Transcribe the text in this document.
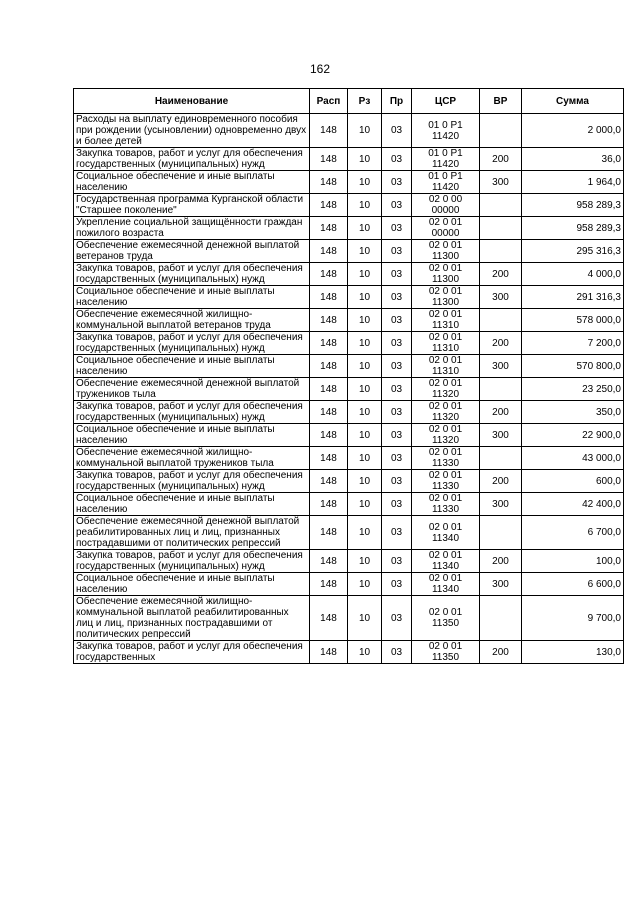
162
Наименование	Расп	Рз	Пр	ЦСР	ВР	Сумма
Расходы на выплату единовременного пособия при рождении (усыновлении) одновременно двух и более детей	148	10	03	01 0 Р1 11420		2 000,0
Закупка товаров, работ и услуг для обеспечения государственных (муниципальных) нужд	148	10	03	01 0 Р1 11420	200	36,0
Социальное обеспечение и иные выплаты населению	148	10	03	01 0 Р1 11420	300	1 964,0
Государственная программа Курганской области "Старшее поколение"	148	10	03	02 0 00 00000		958 289,3
Укрепление социальной защищённости граждан пожилого возраста	148	10	03	02 0 01 00000		958 289,3
Обеспечение ежемесячной денежной выплатой ветеранов труда	148	10	03	02 0 01 11300		295 316,3
Закупка товаров, работ и услуг для обеспечения государственных (муниципальных) нужд	148	10	03	02 0 01 11300	200	4 000,0
Социальное обеспечение и иные выплаты населению	148	10	03	02 0 01 11300	300	291 316,3
Обеспечение ежемесячной жилищно-коммунальной выплатой ветеранов труда	148	10	03	02 0 01 11310		578 000,0
Закупка товаров, работ и услуг для обеспечения государственных (муниципальных) нужд	148	10	03	02 0 01 11310	200	7 200,0
Социальное обеспечение и иные выплаты населению	148	10	03	02 0 01 11310	300	570 800,0
Обеспечение ежемесячной денежной выплатой тружеников тыла	148	10	03	02 0 01 11320		23 250,0
Закупка товаров, работ и услуг для обеспечения государственных (муниципальных) нужд	148	10	03	02 0 01 11320	200	350,0
Социальное обеспечение и иные выплаты населению	148	10	03	02 0 01 11320	300	22 900,0
Обеспечение ежемесячной жилищно-коммунальной выплатой тружеников тыла	148	10	03	02 0 01 11330		43 000,0
Закупка товаров, работ и услуг для обеспечения государственных (муниципальных) нужд	148	10	03	02 0 01 11330	200	600,0
Социальное обеспечение и иные выплаты населению	148	10	03	02 0 01 11330	300	42 400,0
Обеспечение ежемесячной денежной выплатой реабилитированных лиц и лиц, признанных пострадавшими от политических репрессий	148	10	03	02 0 01 11340		6 700,0
Закупка товаров, работ и услуг для обеспечения государственных (муниципальных) нужд	148	10	03	02 0 01 11340	200	100,0
Социальное обеспечение и иные выплаты населению	148	10	03	02 0 01 11340	300	6 600,0
Обеспечение ежемесячной жилищно-коммунальной выплатой реабилитированных лиц и лиц, признанных пострадавшими от политических репрессий	148	10	03	02 0 01 11350		9 700,0
Закупка товаров, работ и услуг для обеспечения государственных	148	10	03	02 0 01 11350	200	130,0
